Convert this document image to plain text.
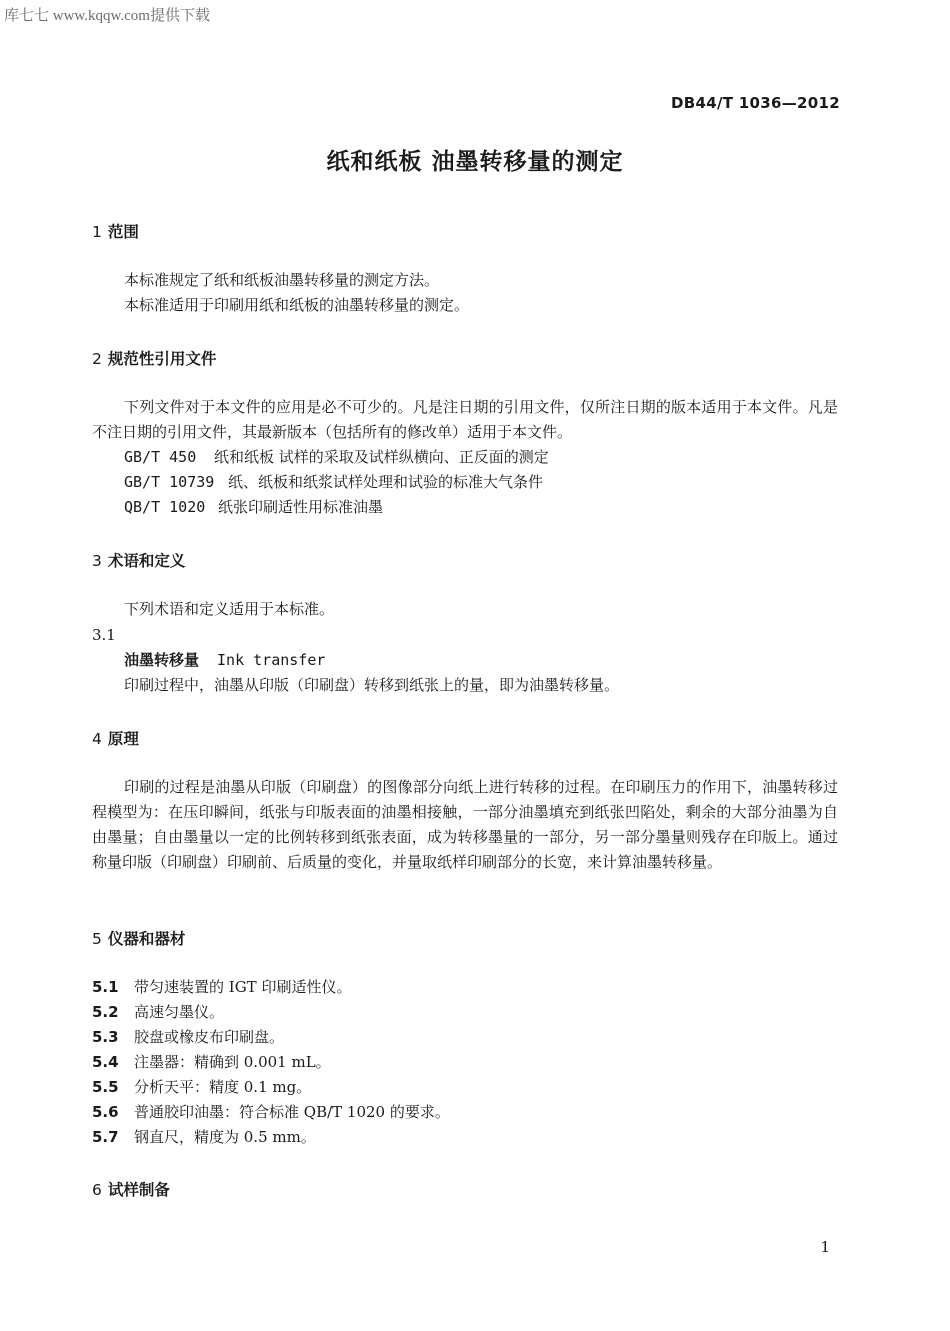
库七七 www.kqqw.com提供下载
DB44/T 1036—2012
纸和纸板 油墨转移量的测定
1 范围
本标准规定了纸和纸板油墨转移量的测定方法。
本标准适用于印刷用纸和纸板的油墨转移量的测定。
2 规范性引用文件
下列文件对于本文件的应用是必不可少的。凡是注日期的引用文件，仅所注日期的版本适用于本文件。凡是不注日期的引用文件，其最新版本（包括所有的修改单）适用于本文件。
GB/T 450 纸和纸板 试样的采取及试样纵横向、正反面的测定
GB/T 10739 纸、纸板和纸浆试样处理和试验的标准大气条件
QB/T 1020 纸张印刷适性用标准油墨
3 术语和定义
下列术语和定义适用于本标准。
3.1
油墨转移量 Ink transfer
印刷过程中，油墨从印版（印刷盘）转移到纸张上的量，即为油墨转移量。
4 原理
印刷的过程是油墨从印版（印刷盘）的图像部分向纸上进行转移的过程。在印刷压力的作用下，油墨转移过程模型为：在压印瞬间，纸张与印版表面的油墨相接触，一部分油墨填充到纸张凹陷处，剩余的大部分油墨为自由墨量；自由墨量以一定的比例转移到纸张表面，成为转移墨量的一部分，另一部分墨量则残存在印版上。通过称量印版（印刷盘）印刷前、后质量的变化，并量取纸样印刷部分的长宽，来计算油墨转移量。
5 仪器和器材
5.1 带匀速装置的 IGT 印刷适性仪。
5.2 高速匀墨仪。
5.3 胶盘或橡皮布印刷盘。
5.4 注墨器：精确到 0.001 mL。
5.5 分析天平：精度 0.1 mg。
5.6 普通胶印油墨：符合标准 QB/T 1020 的要求。
5.7 钢直尺，精度为 0.5 mm。
6 试样制备
1
